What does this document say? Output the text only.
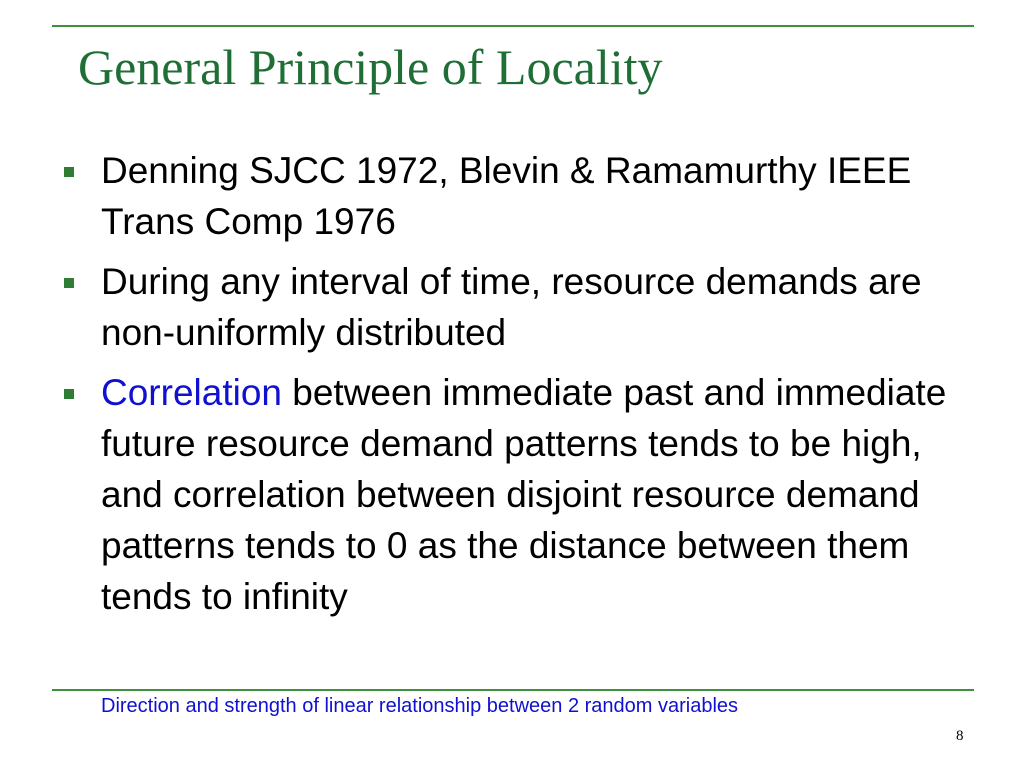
General Principle of Locality
Denning SJCC 1972, Blevin & Ramamurthy IEEE Trans Comp 1976
During any interval of time, resource demands are non-uniformly distributed
Correlation between immediate past and immediate future resource demand patterns tends to be high, and correlation between disjoint resource demand patterns tends to 0 as the distance between them tends to infinity
Direction and strength of linear relationship between 2 random variables
8
